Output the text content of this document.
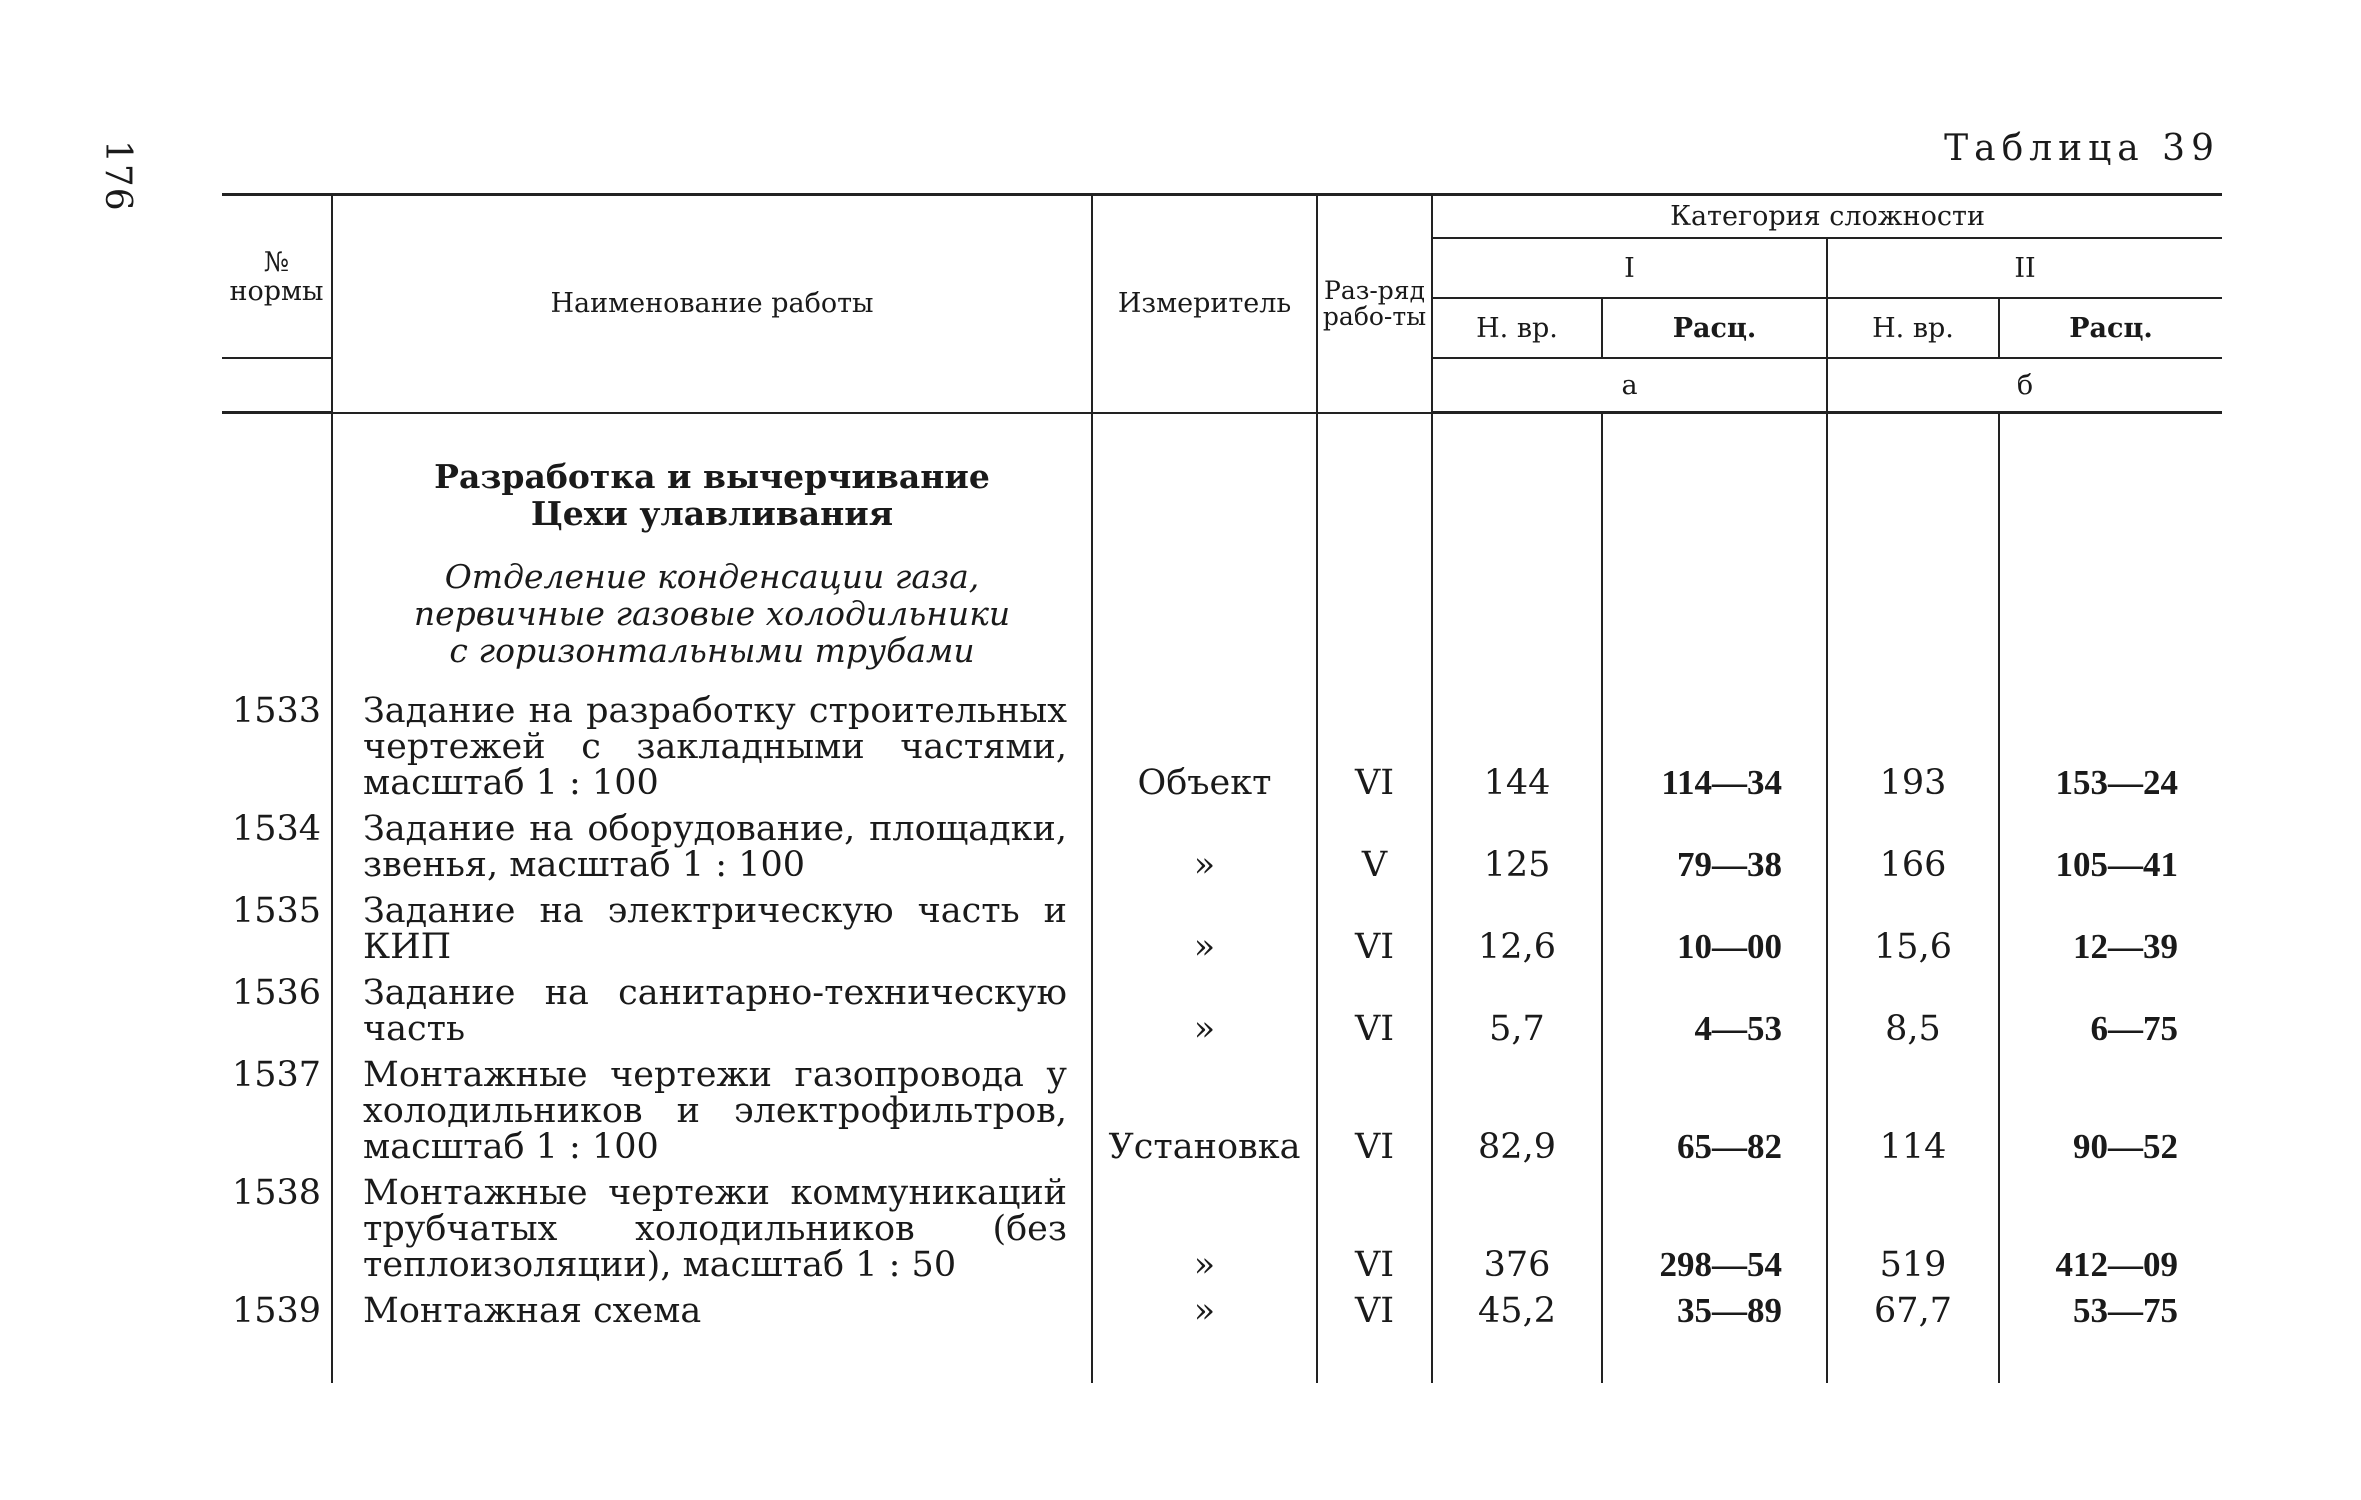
176	Таблица 39
№ нормы	Наименование работы	Измеритель	Раз-ряд рабо-ты	Категория сложности			
				I		II	
				Н. вр.	Расц.	Н. вр.	Расц.
				а		б	

	Разработка и вычерчивание
Цехи улавливания
Отделение конденсации газа,
первичные газовые холодильники
с горизонтальными трубами						

1533	Задание на разработку строительных чертежей с закладными частями, масштаб 1 : 100	Объект	VI	144	114—34	193	153—24
1534	Задание на оборудование, площадки, звенья, масштаб 1 : 100	»	V	125	79—38	166	105—41
1535	Задание на электрическую часть и КИП	»	VI	12,6	10—00	15,6	12—39
1536	Задание на санитарно-техническую часть	»	VI	5,7	4—53	8,5	6—75
1537	Монтажные чертежи газопровода у холодильников и электрофильтров, масштаб 1 : 100	Установка	VI	82,9	65—82	114	90—52
1538	Монтажные чертежи коммуникаций трубчатых холодильников (без теплоизоляции), масштаб 1 : 50	»	VI	376	298—54	519	412—09
1539	Монтажная схема	»	VI	45,2	35—89	67,7	53—75
